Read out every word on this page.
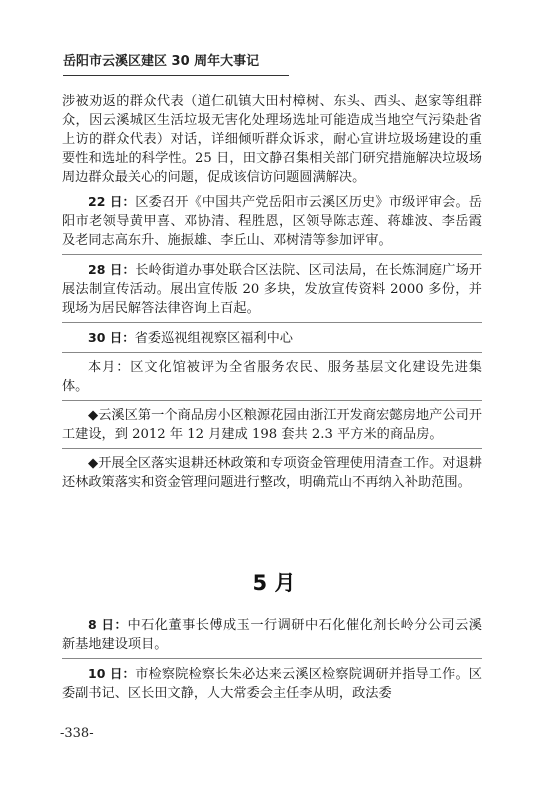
岳阳市云溪区建区 30 周年大事记

涉被劝返的群众代表（道仁矶镇大田村樟树、东头、西头、赵家等组群众，因云溪城区生活垃圾无害化处理场选址可能造成当地空气污染赴省上访的群众代表）对话，详细倾听群众诉求，耐心宣讲垃圾场建设的重要性和选址的科学性。25 日，田文静召集相关部门研究措施解决垃圾场周边群众最关心的问题，促成该信访问题圆满解决。

22 日：区委召开《中国共产党岳阳市云溪区历史》市级评审会。岳阳市老领导黄甲喜、邓协清、程胜恩，区领导陈志莲、蒋雄波、李岳霞及老同志高东升、施振雄、李丘山、邓树清等参加评审。

28 日：长岭街道办事处联合区法院、区司法局，在长炼洞庭广场开展法制宣传活动。展出宣传版 20 多块，发放宣传资料 2000 多份，并现场为居民解答法律咨询上百起。

30 日：省委巡视组视察区福利中心

本月：区文化馆被评为全省服务农民、服务基层文化建设先进集体。

◆云溪区第一个商品房小区粮源花园由浙江开发商宏懿房地产公司开工建设，到 2012 年 12 月建成 198 套共 2.3 平方米的商品房。

◆开展全区落实退耕还林政策和专项资金管理使用清查工作。对退耕还林政策落实和资金管理问题进行整改，明确荒山不再纳入补助范围。

5 月

8 日：中石化董事长傅成玉一行调研中石化催化剂长岭分公司云溪新基地建设项目。

10 日：市检察院检察长朱必达来云溪区检察院调研并指导工作。区委副书记、区长田文静，人大常委会主任李从明，政法委

-338-
